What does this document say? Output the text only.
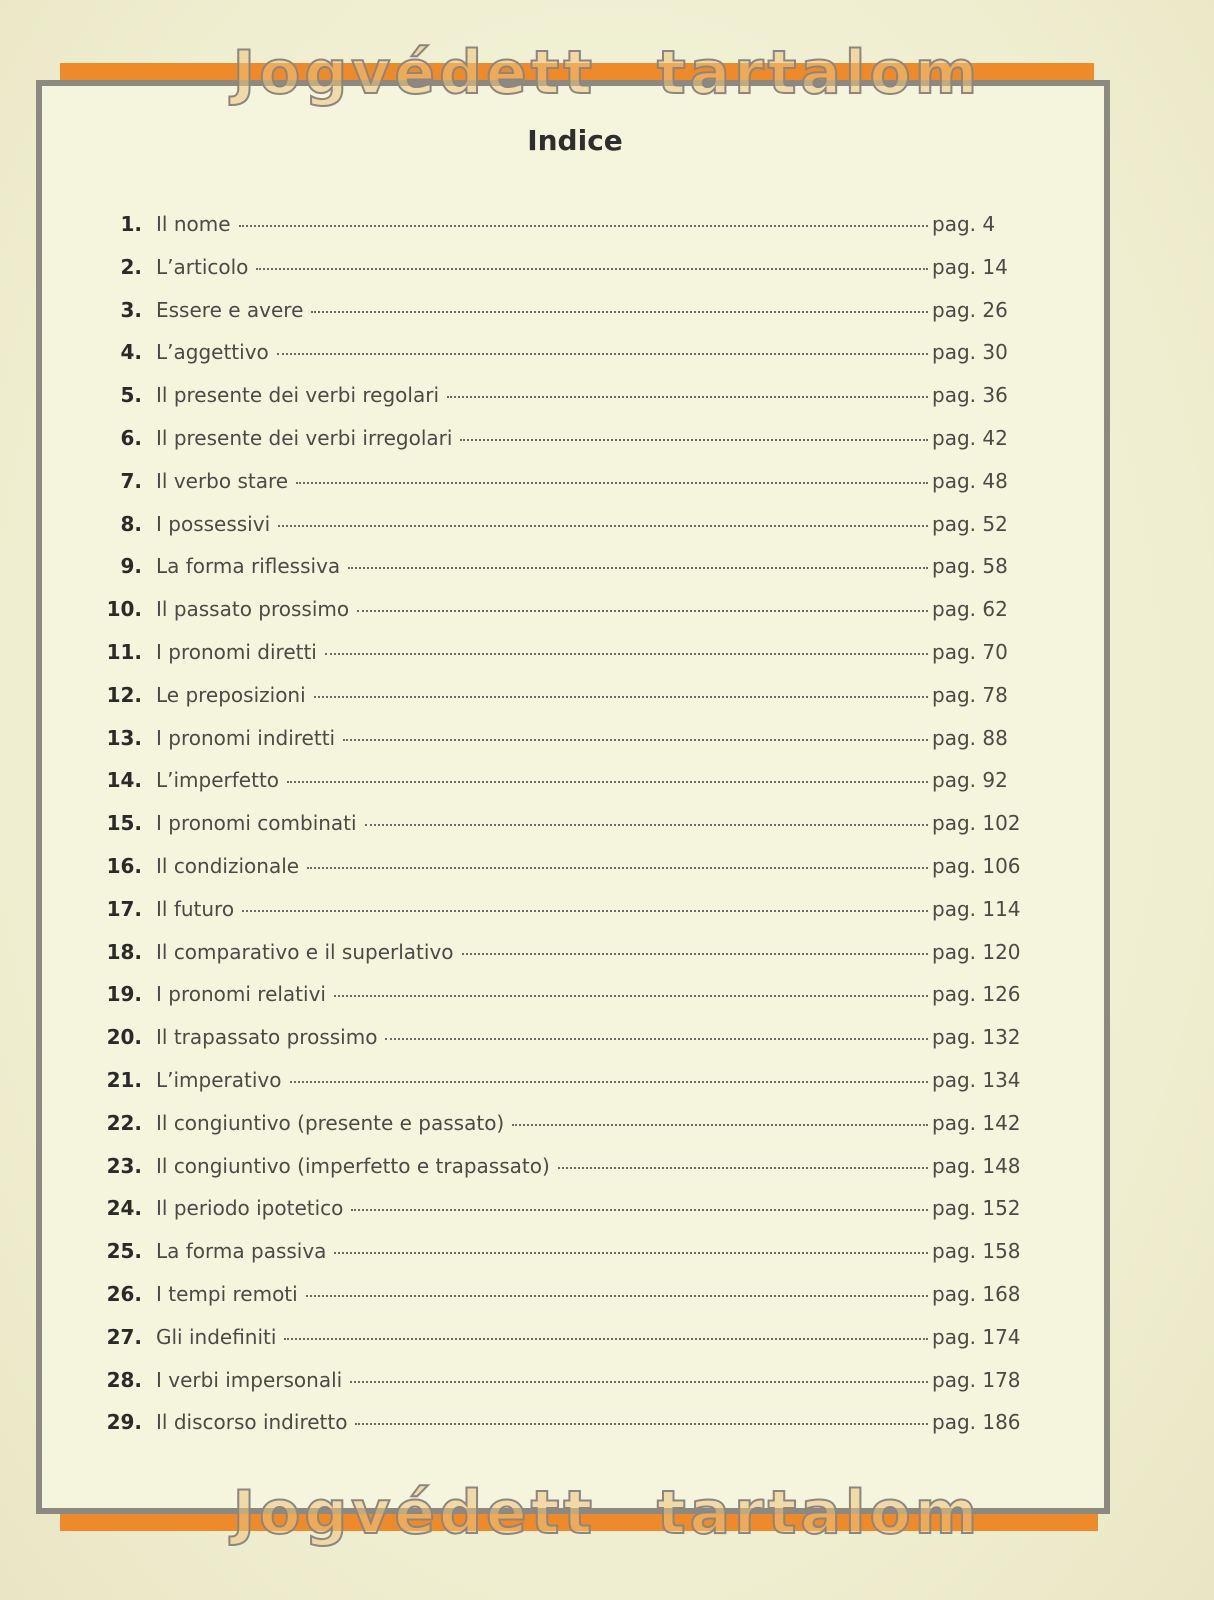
Jogvédett tartalom
Jogvédett tartalom
Indice
1. Il nome	pag. 4
2. L’articolo	pag. 14
3. Essere e avere	pag. 26
4. L’aggettivo	pag. 30
5. Il presente dei verbi regolari	pag. 36
6. Il presente dei verbi irregolari	pag. 42
7. Il verbo stare	pag. 48
8. I possessivi	pag. 52
9. La forma riflessiva	pag. 58
10. Il passato prossimo	pag. 62
11. I pronomi diretti	pag. 70
12. Le preposizioni	pag. 78
13. I pronomi indiretti	pag. 88
14. L’imperfetto	pag. 92
15. I pronomi combinati	pag. 102
16. Il condizionale	pag. 106
17. Il futuro	pag. 114
18. Il comparativo e il superlativo	pag. 120
19. I pronomi relativi	pag. 126
20. Il trapassato prossimo	pag. 132
21. L’imperativo	pag. 134
22. Il congiuntivo (presente e passato)	pag. 142
23. Il congiuntivo (imperfetto e trapassato)	pag. 148
24. Il periodo ipotetico	pag. 152
25. La forma passiva	pag. 158
26. I tempi remoti	pag. 168
27. Gli indefiniti	pag. 174
28. I verbi impersonali	pag. 178
29. Il discorso indiretto	pag. 186
